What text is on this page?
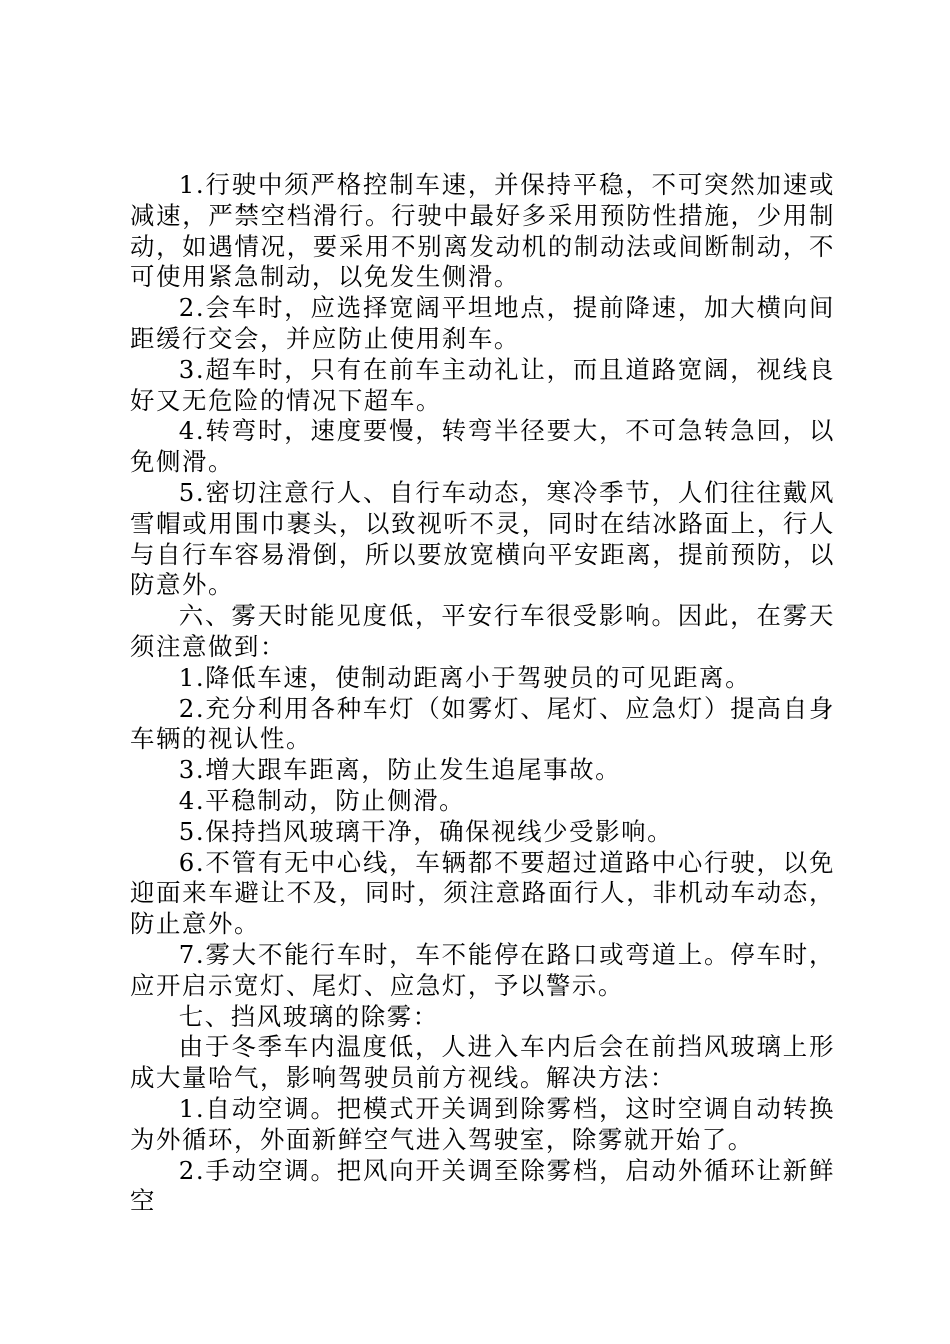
1.行驶中须严格控制车速，并保持平稳，不可突然加速或减速，严禁空档滑行。行驶中最好多采用预防性措施，少用制动，如遇情况，要采用不别离发动机的制动法或间断制动，不可使用紧急制动，以免发生侧滑。

2.会车时，应选择宽阔平坦地点，提前降速，加大横向间距缓行交会，并应防止使用刹车。

3.超车时，只有在前车主动礼让，而且道路宽阔，视线良好又无危险的情况下超车。

4.转弯时，速度要慢，转弯半径要大，不可急转急回，以免侧滑。

5.密切注意行人、自行车动态，寒冷季节，人们往往戴风雪帽或用围巾裹头，以致视听不灵，同时在结冰路面上，行人与自行车容易滑倒，所以要放宽横向平安距离，提前预防，以防意外。

六、雾天时能见度低，平安行车很受影响。因此，在雾天须注意做到：

1.降低车速，使制动距离小于驾驶员的可见距离。

2.充分利用各种车灯（如雾灯、尾灯、应急灯）提高自身车辆的视认性。

3.增大跟车距离，防止发生追尾事故。

4.平稳制动，防止侧滑。

5.保持挡风玻璃干净，确保视线少受影响。

6.不管有无中心线，车辆都不要超过道路中心行驶，以免迎面来车避让不及，同时，须注意路面行人，非机动车动态，防止意外。

7.雾大不能行车时，车不能停在路口或弯道上。停车时，应开启示宽灯、尾灯、应急灯，予以警示。

七、挡风玻璃的除雾：

由于冬季车内温度低，人进入车内后会在前挡风玻璃上形成大量哈气，影响驾驶员前方视线。解决方法：

1.自动空调。把模式开关调到除雾档，这时空调自动转换为外循环，外面新鲜空气进入驾驶室，除雾就开始了。

2.手动空调。把风向开关调至除雾档，启动外循环让新鲜空
